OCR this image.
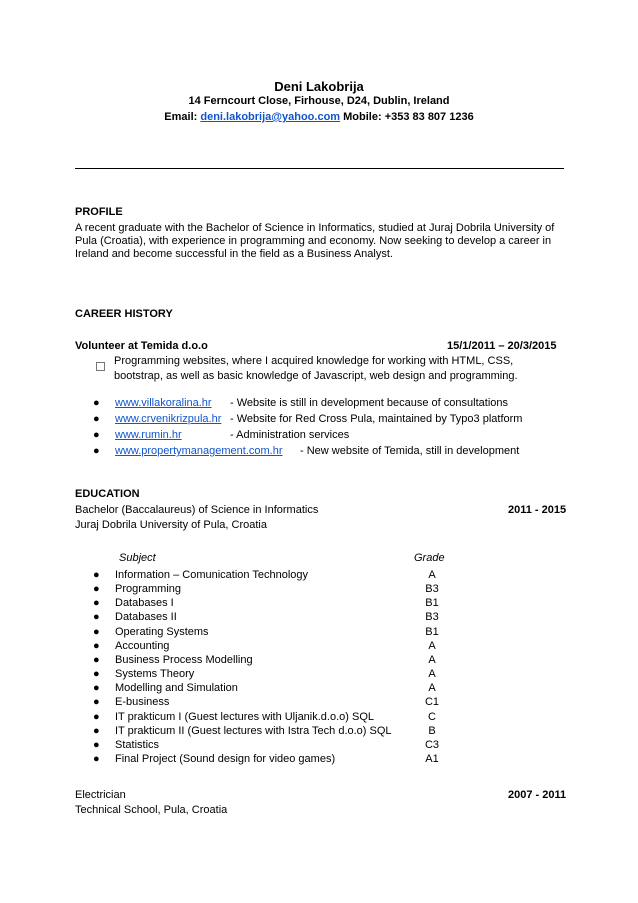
Deni Lakobrija
14 Ferncourt Close, Firhouse, D24, Dublin, Ireland
Email: deni.lakobrija@yahoo.com Mobile: +353 83 807 1236
PROFILE
A recent graduate with the Bachelor of Science in Informatics, studied at Juraj Dobrila University of Pula (Croatia), with experience in programming and economy. Now seeking to develop a career in Ireland and become successful in the field as a Business Analyst.
CAREER HISTORY
Volunteer at Temida d.o.o	15/1/2011 – 20/3/2015
Programming websites, where I acquired knowledge for working with HTML, CSS,
bootstrap, as well as basic knowledge of Javascript, web design and programming.
● www.villakoralina.hr - Website is still in development because of consultations
● www.crvenikrizpula.hr - Website for Red Cross Pula, maintained by Typo3 platform
● www.rumin.hr	- Administration services
● www.propertymanagement.com.hr - New website of Temida, still in development
EDUCATION
Bachelor (Baccalaureus) of Science in Informatics	2011 - 2015
Juraj Dobrila University of Pula, Croatia
Subject	Grade
● Information – Comunication Technology	A
● Programming	B3
● Databases I	B1
● Databases II	B3
● Operating Systems	B1
● Accounting	A
● Business Process Modelling	A
● Systems Theory	A
● Modelling and Simulation	A
● E-business	C1
● IT prakticum I (Guest lectures with Uljanik.d.o.o) SQL	C
● IT prakticum II (Guest lectures with Istra Tech d.o.o) SQL	B
● Statistics	C3
● Final Project (Sound design for video games)	A1
Electrician	2007 - 2011
Technical School, Pula, Croatia
